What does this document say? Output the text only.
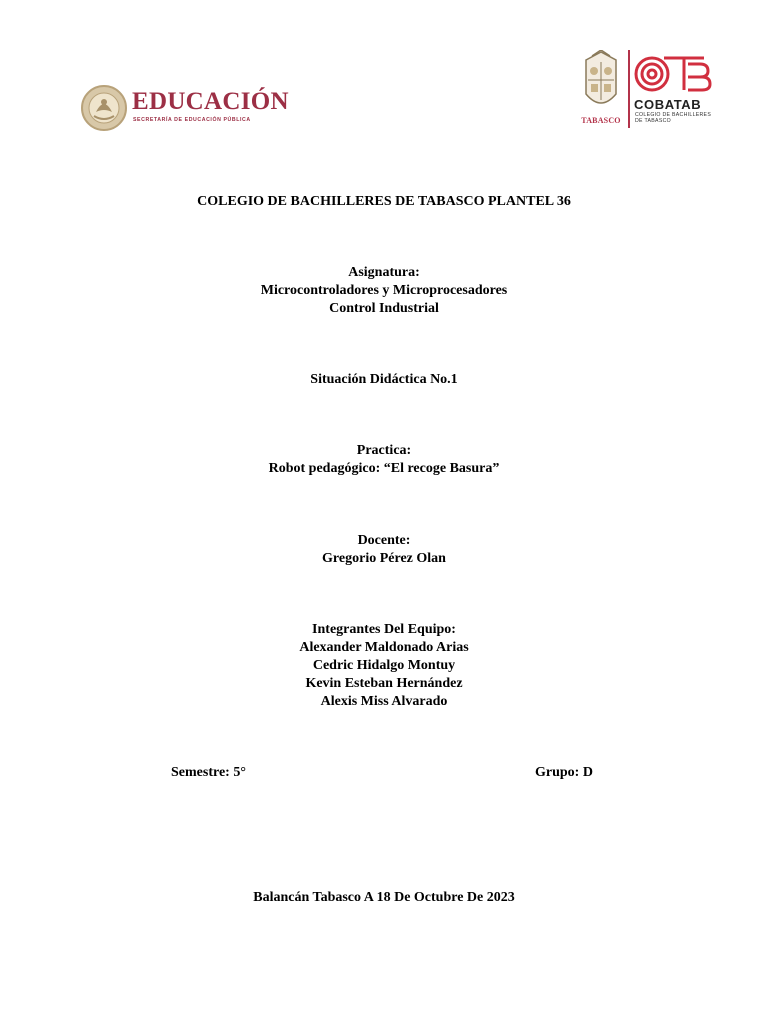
EDUCACIÓN
SECRETARÍA DE EDUCACIÓN PÚBLICA	TABASCO
COBATAB
COLEGIO DE BACHILLERES DE TABASCO
COLEGIO DE BACHILLERES DE TABASCO PLANTEL 36
Asignatura:
Microcontroladores y Microprocesadores
Control Industrial
Situación Didáctica No.1
Practica:
Robot pedagógico: “El recoge Basura”
Docente:
Gregorio Pérez Olan
Integrantes Del Equipo:
Alexander Maldonado Arias
Cedric Hidalgo Montuy
Kevin Esteban Hernández
Alexis Miss Alvarado
Semestre: 5°	Grupo: D
Balancán Tabasco A 18 De Octubre De 2023
